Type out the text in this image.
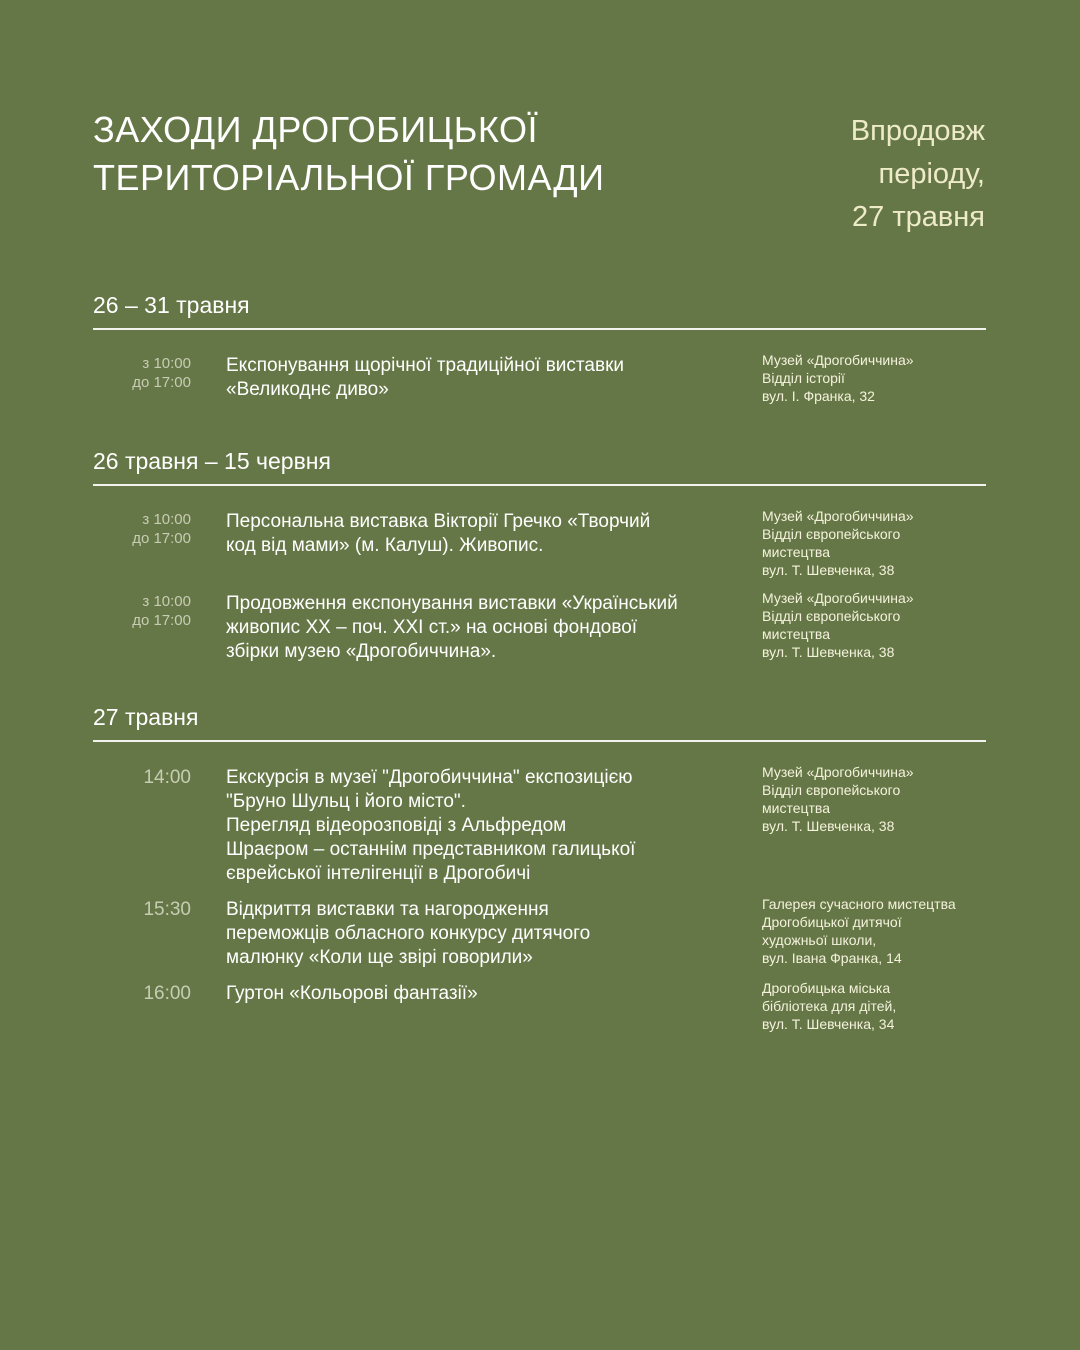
ЗАХОДИ ДРОГОБИЦЬКОЇ
ТЕРИТОРІАЛЬНОЇ ГРОМАДИ
Впродовж
періоду,
27 травня
26 – 31 травня
з 10:00
до 17:00
Експонування щорічної традиційної виставки
«Великоднє диво»
Музей «Дрогобиччина»
Відділ історії
вул. І. Франка, 32
26 травня – 15 червня
з 10:00
до 17:00
Персональна виставка Вікторії Гречко «Творчий
код від мами» (м. Калуш). Живопис.
Музей «Дрогобиччина»
Відділ європейського
мистецтва
вул. Т. Шевченка, 38
з 10:00
до 17:00
Продовження експонування виставки «Український
живопис ХХ – поч. ХХІ ст.» на основі фондової
збірки музею «Дрогобиччина».
Музей «Дрогобиччина»
Відділ європейського
мистецтва
вул. Т. Шевченка, 38
27 травня
14:00 Екскурсія в музеї "Дрогобиччина" експозицією
"Бруно Шульц і його місто".
Перегляд відеорозповіді з Альфредом
Шраєром – останнім представником галицької
єврейської інтелігенції в Дрогобичі
Музей «Дрогобиччина»
Відділ європейського
мистецтва
вул. Т. Шевченка, 38
15:30 Відкриття виставки та нагородження
переможців обласного конкурсу дитячого
малюнку «Коли ще звірі говорили»
Галерея сучасного мистецтва
Дрогобицької дитячої
художньої школи,
вул. Івана Франка, 14
16:00 Гуртон «Кольорові фантазії»	Дрогобицька міська
бібліотека для дітей,
вул. Т. Шевченка, 34
